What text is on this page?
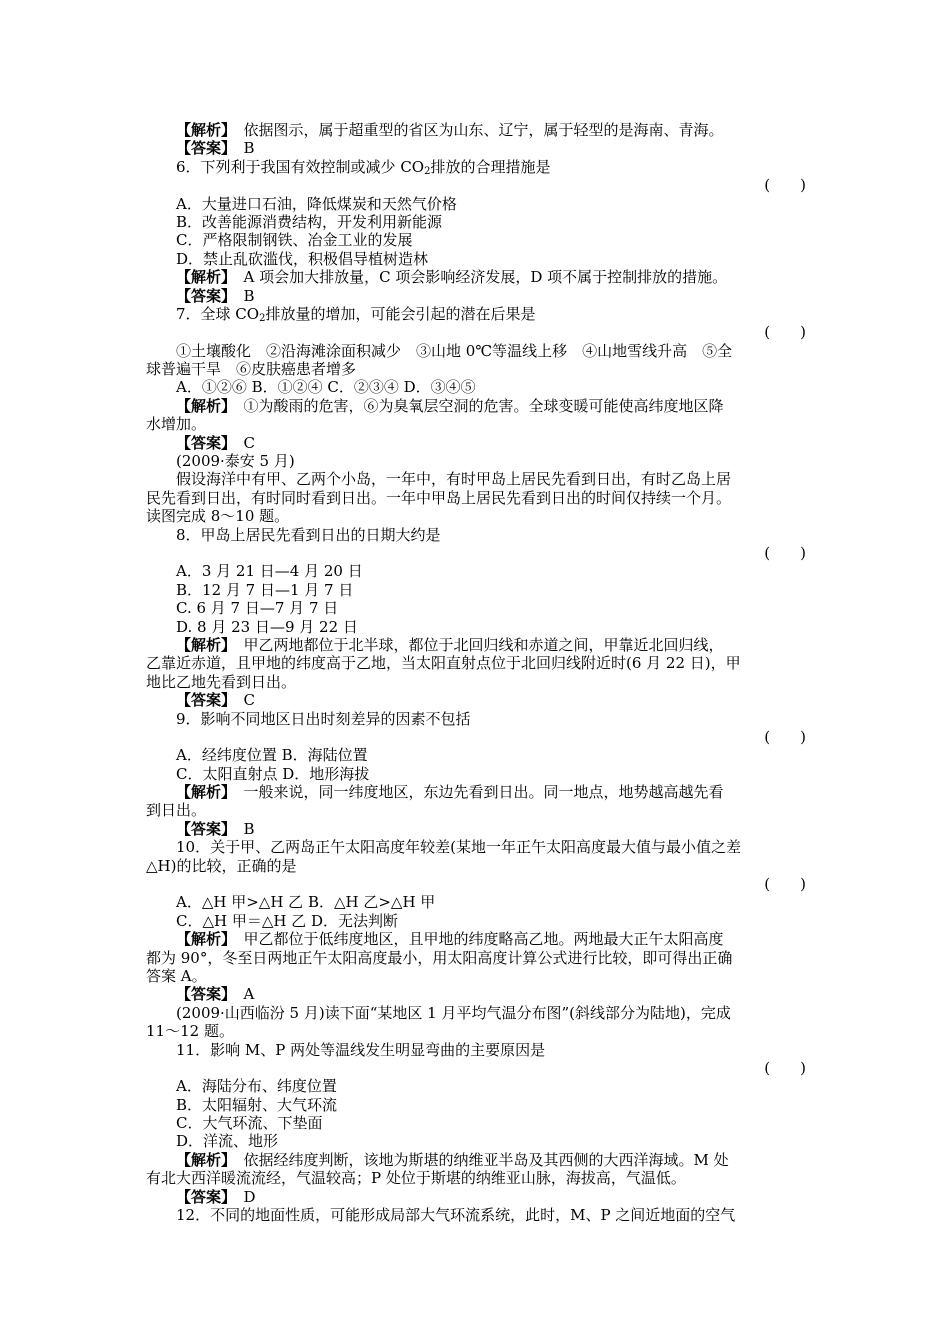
【解析】　 依据图示，属于超重型的省区为山东、辽宁，属于轻型的是海南、青海。
【答案】　 B
6．下列利于我国有效控制或减少 $CO_2$排放的合理措施是
(　　)
A．大量进口石油，降低煤炭和天然气价格
B．改善能源消费结构，开发利用新能源
C．严格限制钢铁、冶金工业的发展
D．禁止乱砍滥伐，积极倡导植树造林
【解析】　 A 项会加大排放量，C 项会影响经济发展，D 项不属于控制排放的措施。
【答案】　 B
7．全球 $CO_2$排放量的增加，可能会引起的潜在后果是
(　　)
①土壤酸化　②沿海滩涂面积减少　③山地 0℃等温线上移　④山地雪线升高　⑤全
球普遍干旱　⑥皮肤癌患者增多
A．①②⑥ B．①②④ C．②③④ D．③④⑤
【解析】　 ①为酸雨的危害，⑥为臭氧层空洞的危害。全球变暖可能使高纬度地区降
水增加。
【答案】　 C
(2009·泰安 5 月)
假设海洋中有甲、乙两个小岛，一年中，有时甲岛上居民先看到日出，有时乙岛上居
民先看到日出，有时同时看到日出。一年中甲岛上居民先看到日出的时间仅持续一个月。
读图完成 8～10 题。
8．甲岛上居民先看到日出的日期大约是
(　　)
A．3 月 21 日—4 月 20 日
B．12 月 7 日—1 月 7 日
C. 6 月 7 日—7 月 7 日
D. 8 月 23 日—9 月 22 日
【解析】　 甲乙两地都位于北半球，都位于北回归线和赤道之间，甲靠近北回归线，
乙靠近赤道，且甲地的纬度高于乙地，当太阳直射点位于北回归线附近时(6 月 22 日)，甲
地比乙地先看到日出。
【答案】　 C
9．影响不同地区日出时刻差异的因素不包括
(　　)
A．经纬度位置 B．海陆位置
C．太阳直射点 D．地形海拔
【解析】　 一般来说，同一纬度地区，东边先看到日出。同一地点，地势越高越先看
到日出。
【答案】　 B
10．关于甲、乙两岛正午太阳高度年较差(某地一年正午太阳高度最大值与最小值之差
△H)的比较，正确的是
(　　)
A．△H 甲>△H 乙 B．△H 乙>△H 甲
C．△H 甲＝△H 乙 D．无法判断
【解析】　 甲乙都位于低纬度地区，且甲地的纬度略高乙地。两地最大正午太阳高度
都为 90°，冬至日两地正午太阳高度最小，用太阳高度计算公式进行比较，即可得出正确
答案 A。
【答案】　 A
(2009·山西临汾 5 月)读下面“某地区 1 月平均气温分布图”(斜线部分为陆地)，完成
11～12 题。
11．影响 M、P 两处等温线发生明显弯曲的主要原因是
(　　)
A．海陆分布、纬度位置
B．太阳辐射、大气环流
C．大气环流、下垫面
D．洋流、地形
【解析】　 依据经纬度判断，该地为斯堪的纳维亚半岛及其西侧的大西洋海域。M 处
有北大西洋暖流流经，气温较高；P 处位于斯堪的纳维亚山脉，海拔高，气温低。
【答案】　 D
12．不同的地面性质，可能形成局部大气环流系统，此时，M、P 之间近地面的空气
